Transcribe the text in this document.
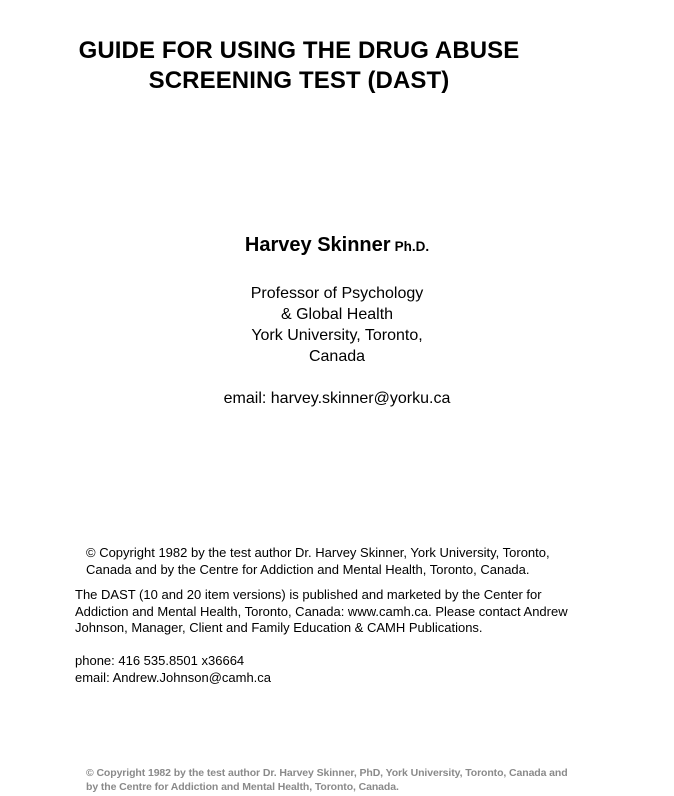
GUIDE FOR USING THE DRUG ABUSE
SCREENING TEST (DAST)
Harvey Skinner Ph.D.
Professor of Psychology
& Global Health
York University, Toronto,
Canada
email: harvey.skinner@yorku.ca
© Copyright 1982 by the test author Dr. Harvey Skinner, York University, Toronto,
Canada and by the Centre for Addiction and Mental Health, Toronto, Canada.
The DAST (10 and 20 item versions) is published and marketed by the Center for
Addiction and Mental Health, Toronto, Canada: www.camh.ca. Please contact Andrew
Johnson, Manager, Client and Family Education & CAMH Publications.
phone: 416 535.8501 x36664
email: Andrew.Johnson@camh.ca
© Copyright 1982 by the test author Dr. Harvey Skinner, PhD, York University, Toronto, Canada and
by the Centre for Addiction and Mental Health, Toronto, Canada.
